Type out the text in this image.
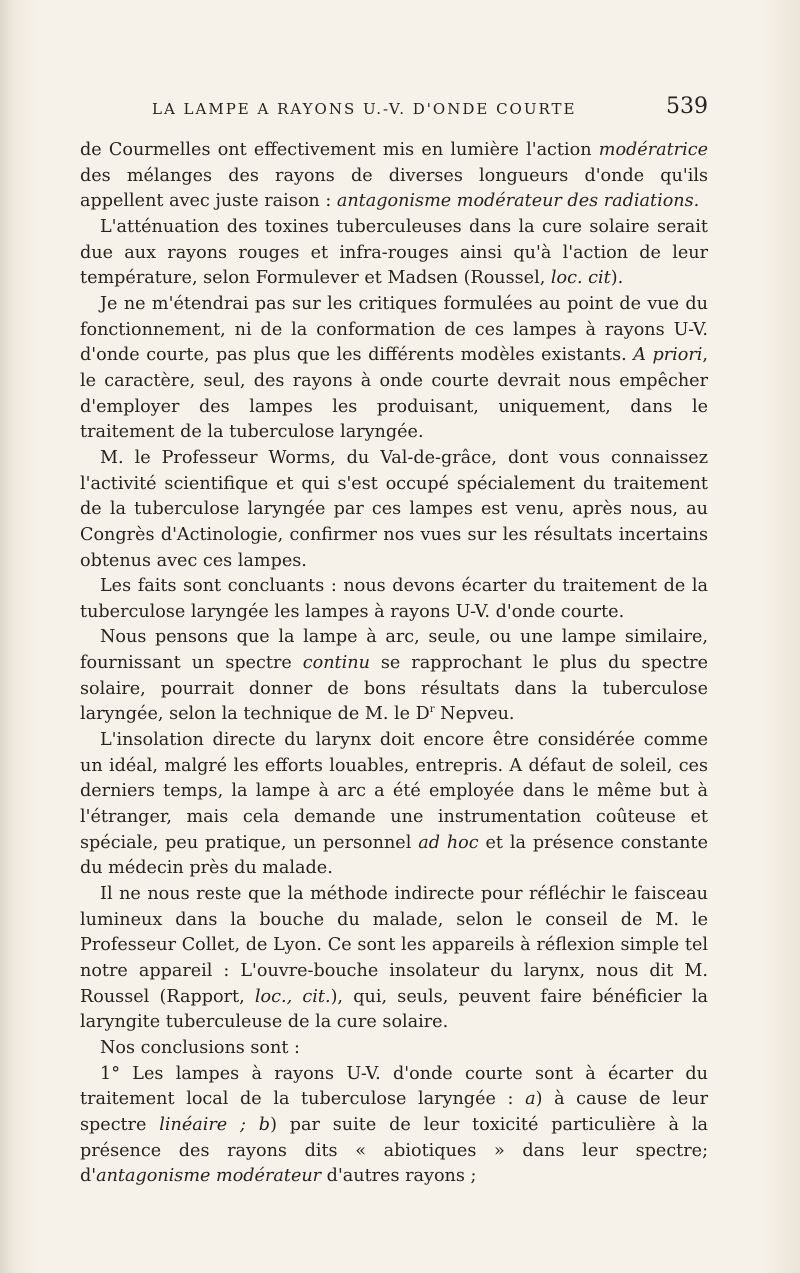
LA LAMPE A RAYONS U.-V. D'ONDE COURTE	539

de Courmelles ont effectivement mis en lumière l'action modératrice des mélanges des rayons de diverses longueurs d'onde qu'ils appellent avec juste raison : antagonisme modérateur des radiations.

L'atténuation des toxines tuberculeuses dans la cure solaire serait due aux rayons rouges et infra-rouges ainsi qu'à l'action de leur température, selon Formulever et Madsen (Roussel, loc. cit).

Je ne m'étendrai pas sur les critiques formulées au point de vue du fonctionnement, ni de la conformation de ces lampes à rayons U-V. d'onde courte, pas plus que les différents modèles existants. A priori, le caractère, seul, des rayons à onde courte devrait nous empêcher d'employer des lampes les produisant, uniquement, dans le traitement de la tuberculose laryngée.

M. le Professeur Worms, du Val-de-grâce, dont vous connaissez l'activité scientifique et qui s'est occupé spécialement du traitement de la tuberculose laryngée par ces lampes est venu, après nous, au Congrès d'Actinologie, confirmer nos vues sur les résultats incertains obtenus avec ces lampes.

Les faits sont concluants : nous devons écarter du traitement de la tuberculose laryngée les lampes à rayons U-V. d'onde courte.

Nous pensons que la lampe à arc, seule, ou une lampe similaire, fournissant un spectre continu se rapprochant le plus du spectre solaire, pourrait donner de bons résultats dans la tuberculose laryngée, selon la technique de M. le $D^r$ Nepveu.

L'insolation directe du larynx doit encore être considérée comme un idéal, malgré les efforts louables, entrepris. A défaut de soleil, ces derniers temps, la lampe à arc a été employée dans le même but à l'étranger, mais cela demande une instrumentation coûteuse et spéciale, peu pratique, un personnel ad hoc et la présence constante du médecin près du malade.

Il ne nous reste que la méthode indirecte pour réfléchir le faisceau lumineux dans la bouche du malade, selon le conseil de M. le Professeur Collet, de Lyon. Ce sont les appareils à réflexion simple tel notre appareil : L'ouvre-bouche insolateur du larynx, nous dit M. Roussel (Rapport, loc., cit.), qui, seuls, peuvent faire bénéficier la laryngite tuberculeuse de la cure solaire.

Nos conclusions sont :

1° Les lampes à rayons U-V. d'onde courte sont à écarter du traitement local de la tuberculose laryngée : a) à cause de leur spectre linéaire ; b) par suite de leur toxicité particulière à la présence des rayons dits « abiotiques » dans leur spectre; d'antagonisme modérateur d'autres rayons ;
